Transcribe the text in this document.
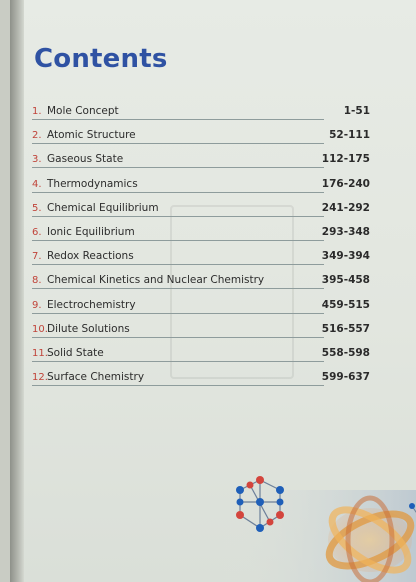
Contents
1. Mole Concept	1-51
2. Atomic Structure	52-111
3. Gaseous State	112-175
4. Thermodynamics	176-240
5. Chemical Equilibrium	241-292
6. Ionic Equilibrium	293-348
7. Redox Reactions	349-394
8. Chemical Kinetics and Nuclear Chemistry	395-458
9. Electrochemistry	459-515
10. Dilute Solutions	516-557
11. Solid State	558-598
12. Surface Chemistry	599-637
